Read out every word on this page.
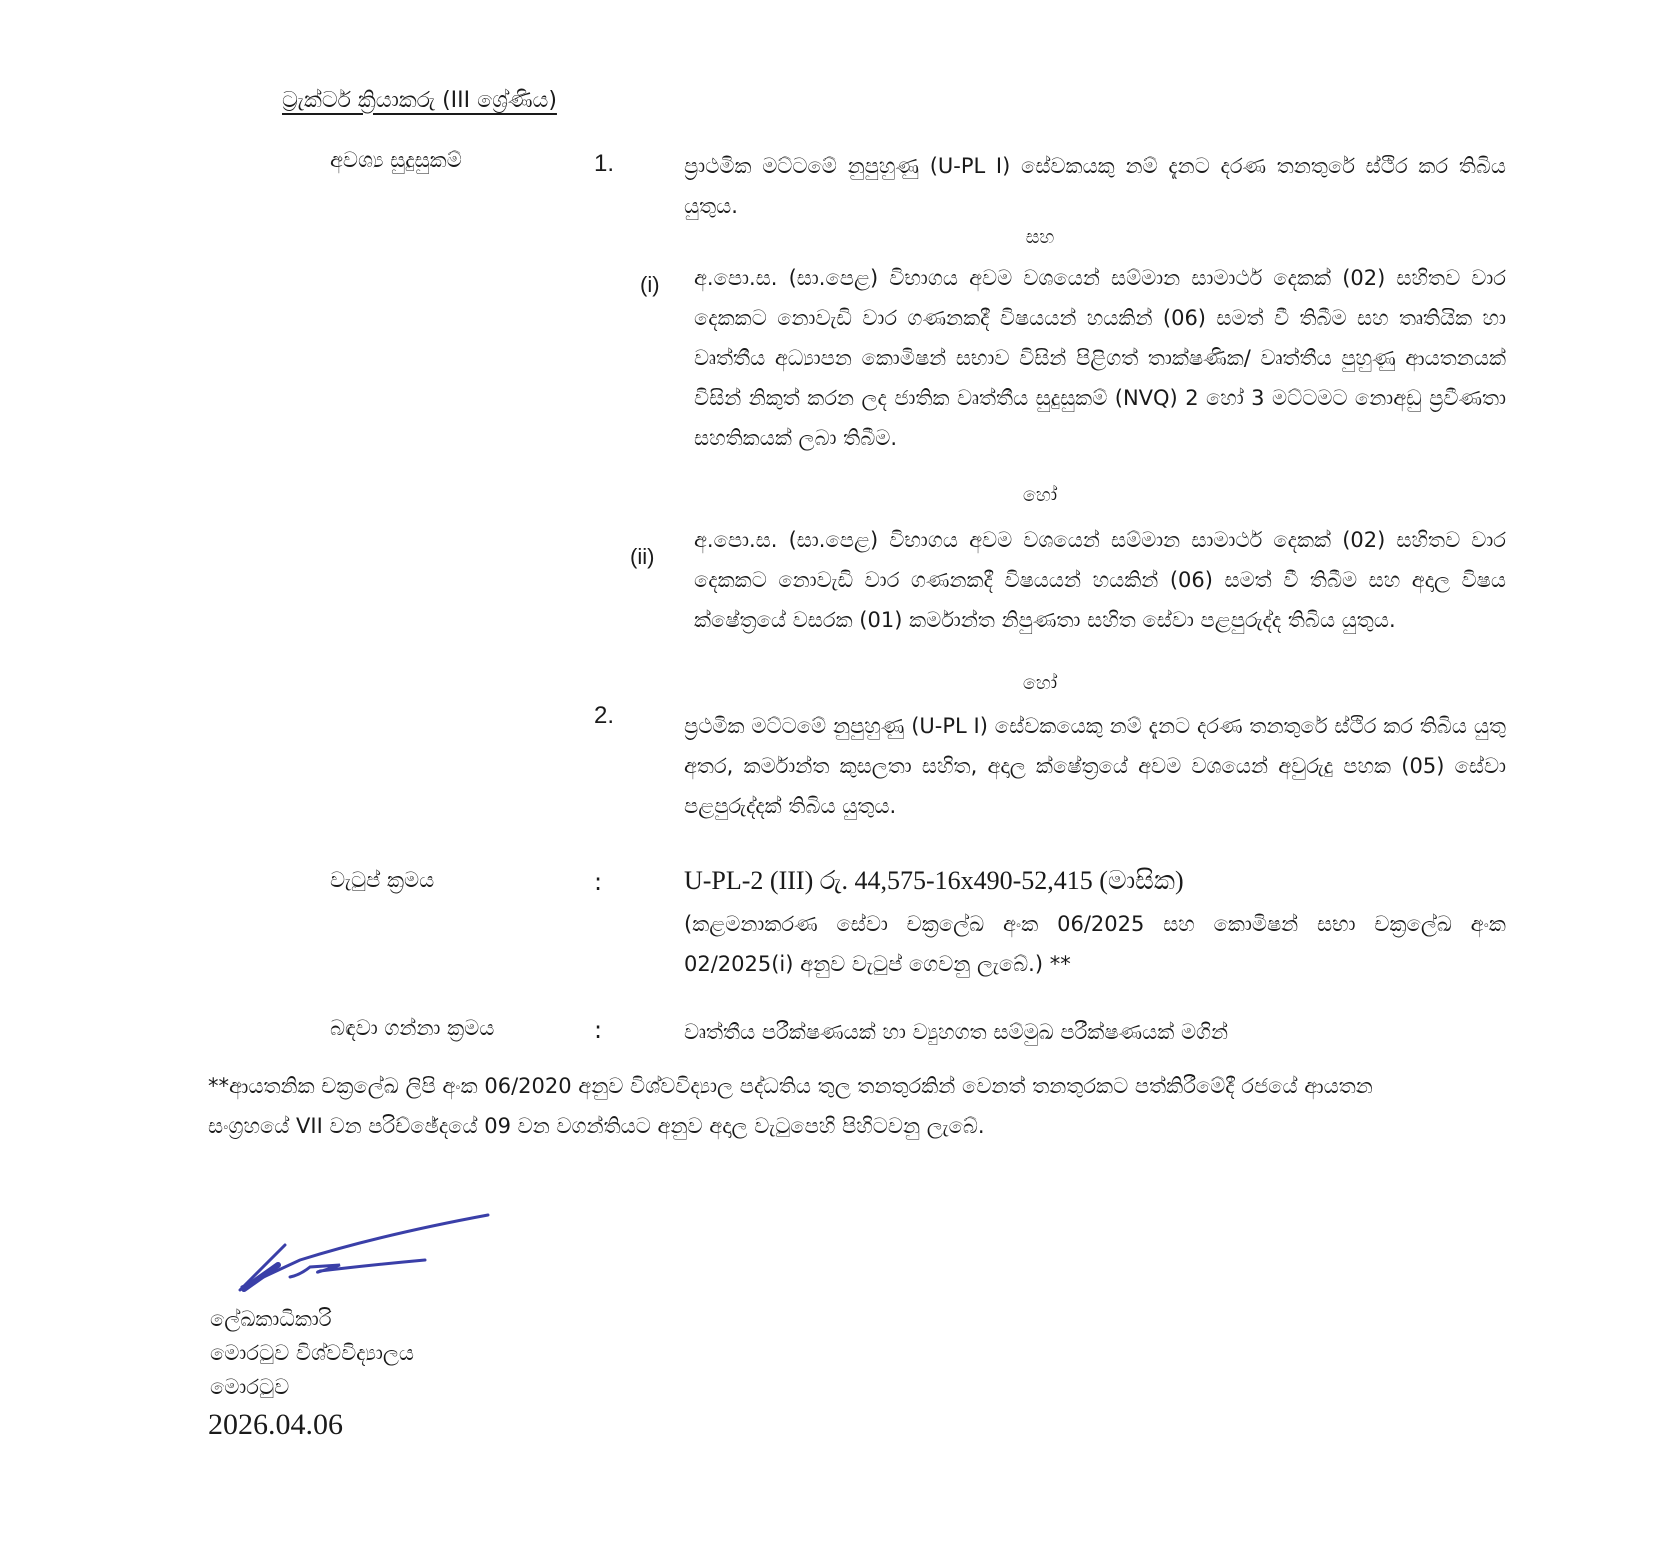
ට්‍රැක්ටර් ක්‍රියාකරු (III ශ්‍රේණිය)
අවශ්‍ය සුදුසුකම්	1.	ප්‍රාථමික මට්ටමේ නුපුහුණු (U-PL I) සේවකයකු නම් දැනට දරණ තනතුරේ ස්ථිර කර තිබිය යුතුය.
සහ
(i) අ.පො.ස. (සා.පෙළ) විභාගය අවම වශයෙන් සම්මාන සාමාර්ථ දෙකක් (02) සහිතව වාර දෙකකට නොවැඩි වාර ගණනකදී විෂයයන් හයකින් (06) සමත් වී තිබීම සහ තෘතියික හා වෘත්තීය අධ්‍යාපන කොමිෂන් සභාව විසින් පිළිගත් තාක්ෂණික/ වෘත්තීය පුහුණු ආයතනයක් විසින් නිකුත් කරන ලද ජාතික වෘත්තීය සුදුසුකම් (NVQ) 2 හෝ 3 මට්ටමට නොඅඩු ප්‍රවීණතා සහතිකයක් ලබා තිබීම.
හෝ
(ii)
අ.පො.ස. (සා.පෙළ) විභාගය අවම වශයෙන් සම්මාන සාමාර්ථ දෙකක් (02) සහිතව වාර දෙකකට නොවැඩි වාර ගණනකදී විෂයයන් හයකින් (06) සමත් වී තිබීම සහ අදාල විෂය ක්ෂේත්‍රයේ වසරක (01) කර්මාන්ත නිපුණතා සහිත සේවා පළපුරුද්ද තිබිය යුතුය.
හෝ
2.	ප්‍රථමික මට්ටමේ නුපුහුණු (U-PL I) සේවකයෙකු නම් දැනට දරණ තනතුරේ ස්ථිර කර තිබිය යුතු අතර, කර්මාන්ත කුසලතා සහිත, අදාල ක්ෂේත්‍රයේ අවම වශයෙන් අවුරුදු පහක (05) සේවා පළපුරුද්දක් තිබිය යුතුය.
වැටුප් ක්‍රමය	:	U-PL-2 (III) රු. 44,575-16x490-52,415 (මාසික)
(කළමනාකරණ සේවා චක්‍රලේඛ අංක 06/2025 සහ කොමිෂන් සභා චක්‍රලේඛ අංක 02/2025(i) අනුව වැටුප් ගෙවනු ලැබේ.) **
බඳවා ගන්නා ක්‍රමය	:	වෘත්තීය පරීක්ෂණයක් හා ව්‍යුහගත සම්මුඛ පරීක්ෂණයක් මගින්
**ආයතනික චක්‍රලේඛ ලිපි අංක 06/2020 අනුව විශ්වවිද්‍යාල පද්ධතිය තුල තනතුරකින් වෙනත් තනතුරකට පත්කිරීමේදී රජයේ ආයතන සංග්‍රහයේ VII වන පරිච්ඡේදයේ 09 වන වගන්තියට අනුව අදාල වැටුපෙහි පිහිටවනු ලැබේ.
ලේඛකාධිකාරි
මොරටුව විශ්වවිද්‍යාලය
මොරටුව
2026.04.06
